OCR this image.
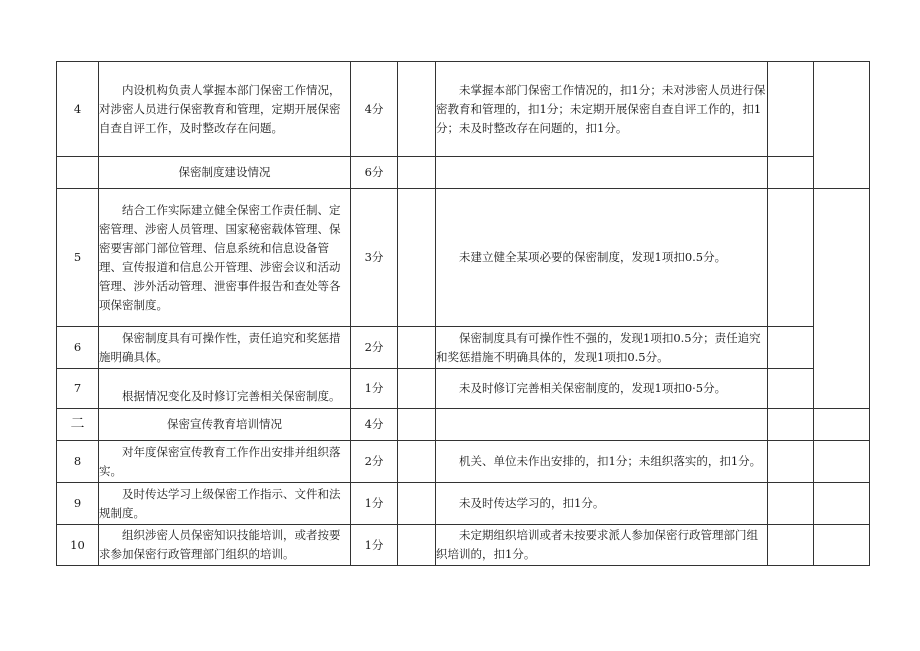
4	内设机构负责人掌握本部门保密工作情况，对涉密人员进行保密教育和管理，定期开展保密自查自评工作，及时整改存在问题。	4分		未掌握本部门保密工作情况的，扣1分；未对涉密人员进行保密教育和管理的，扣1分；未定期开展保密自查自评工作的，扣1分；未及时整改存在问题的，扣1分。		
	保密制度建设情况	6分				
5	结合工作实际建立健全保密工作责任制、定密管理、涉密人员管理、国家秘密载体管理、保密要害部门部位管理、信息系统和信息设备管理、宣传报道和信息公开管理、涉密会议和活动管理、涉外活动管理、泄密事件报告和查处等各项保密制度。	3分		未建立健全某项必要的保密制度，发现1项扣0.5分。		
6	保密制度具有可操作性，责任追究和奖惩措施明确具体。	2分		保密制度具有可操作性不强的，发现1项扣0.5分；责任追究和奖惩措施不明确具体的，发现1项扣0.5分。		
7	根据情况变化及时修订完善相关保密制度。	1分		未及时修订完善相关保密制度的，发现1项扣0·5分。		
二	保密宣传教育培训情况	4分				
8	对年度保密宣传教育工作作出安排并组织落实。	2分		机关、单位未作出安排的，扣1分；未组织落实的，扣1分。		
9	及时传达学习上级保密工作指示、文件和法规制度。	1分		未及时传达学习的，扣1分。		
10	组织涉密人员保密知识技能培训，或者按要求参加保密行政管理部门组织的培训。	1分		未定期组织培训或者未按要求派人参加保密行政管理部门组织培训的，扣1分。		
